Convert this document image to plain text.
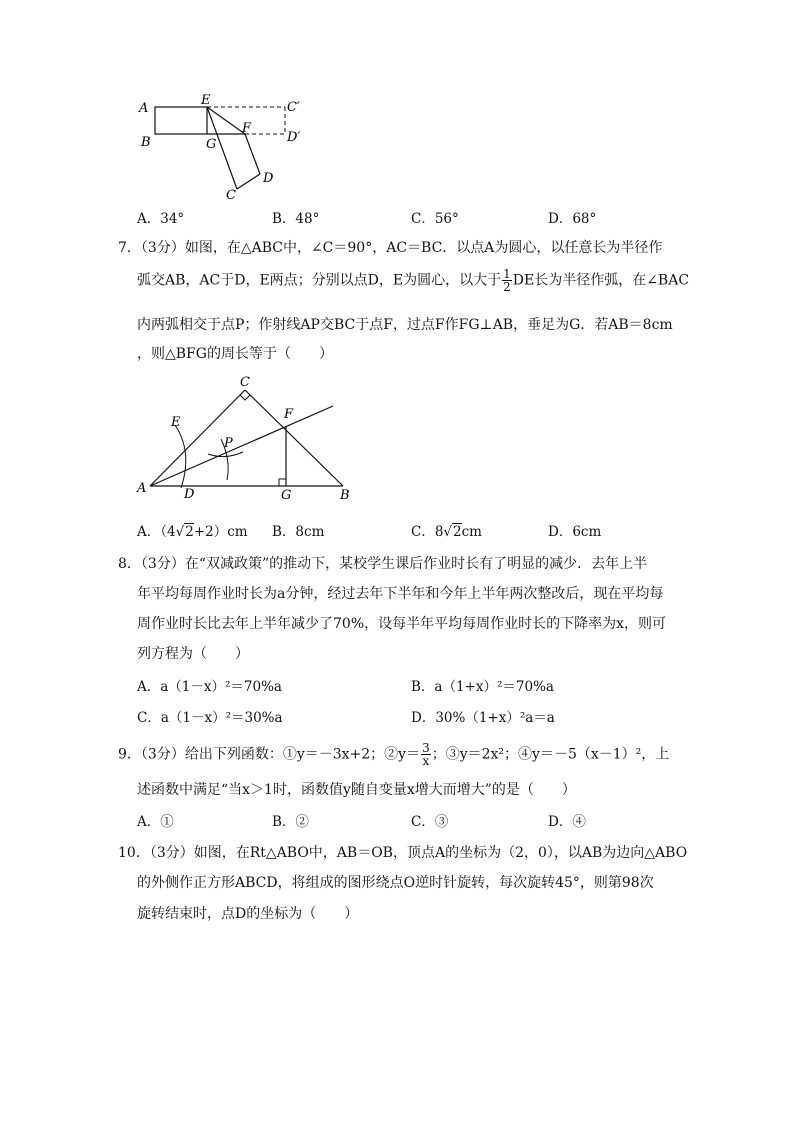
A
B
E	C′
F
D′
G
D
C
A．34°	B．48°	C．56°	D．68°
7．（3分）如图，在△ABC中，∠C＝90°，AC＝BC．以点A为圆心，以任意长为半径作
弧交AB，AC于D，E两点；分别以点D，E为圆心，以大于 $\frac{1}{2}$ DE长为半径作弧，在∠BAC
内两弧相交于点P；作射线AP交BC于点F，过点F作FG⊥AB，垂足为G．若AB＝8cm
，则△BFG的周长等于（　　）
C
F
E
P
A	D	G	B
A．（4√2+2）cm B．8cm	C．8√2cm	D．6cm
8．（3分）在“双减政策”的推动下，某校学生课后作业时长有了明显的减少．去年上半
年平均每周作业时长为a分钟，经过去年下半年和今年上半年两次整改后，现在平均每
周作业时长比去年上半年减少了70%，设每半年平均每周作业时长的下降率为x，则可
列方程为（　　）
A．a（1－x）²＝70%a	B．a（1+x）²＝70%a
C．a（1－x）²＝30%a	D．30%（1+x）²a＝a
9．（3分）给出下列函数：①y＝－3x+2；②y＝ $\frac{3}{x}$ ；③y＝2x²；④y＝－5（x－1）²，上
述函数中满足“当x＞1时，函数值y随自变量x增大而增大”的是（　　）
A．①	B．②	C．③	D．④
10．（3分）如图，在Rt△ABO中，AB＝OB，顶点A的坐标为（2，0），以AB为边向△ABO
的外侧作正方形ABCD，将组成的图形绕点O逆时针旋转，每次旋转45°，则第98次
旋转结束时，点D的坐标为（　　）
